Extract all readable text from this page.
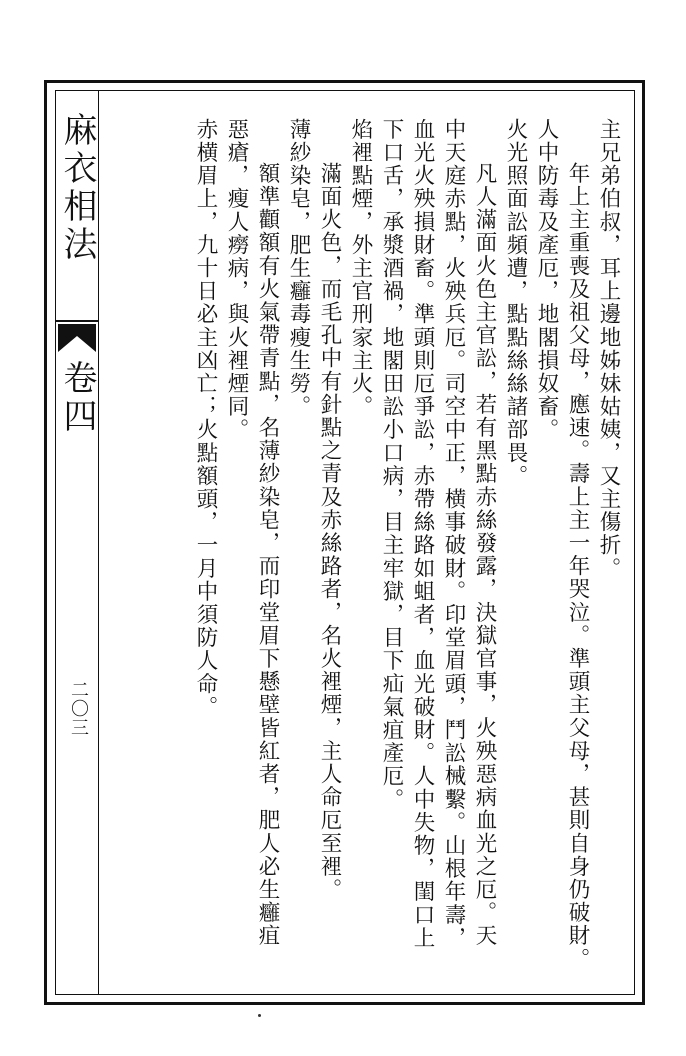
麻衣相法
卷四
二〇三
主兄弟伯叔，耳上邊地姊妹姑姨，又主傷折。
年上主重喪及祖父母，應速。壽上主一年哭泣。準頭主父母，甚則自身仍破財。
人中防毒及產厄，地閣損奴畜。
火光照面訟頻遭，點點絲絲諸部畏。
凡人滿面火色主官訟，若有黑點赤絲發露，決獄官事，火殃惡病血光之厄。天
中天庭赤點，火殃兵厄。司空中正，横事破財。印堂眉頭，鬥訟械繫。山根年壽，
血光火殃損財畜。準頭則厄爭訟，赤帶絲路如蛆者，血光破財。人中失物，閨口上
下口舌，承漿酒禍，地閣田訟小口病，目主牢獄，目下疝氣疽產厄。
焰裡點煙，外主官刑家主火。
滿面火色，而毛孔中有針點之青及赤絲路者，名火裡煙，主人命厄至裡。
薄紗染皂，肥生癰毒瘦生勞。
額準顴額有火氣帶青點，名薄紗染皂，而印堂眉下懸壁皆紅者，肥人必生癰疽
惡瘡，瘦人癆病，與火裡煙同。
赤横眉上，九十日必主凶亡；火點額頭，一月中須防人命。
